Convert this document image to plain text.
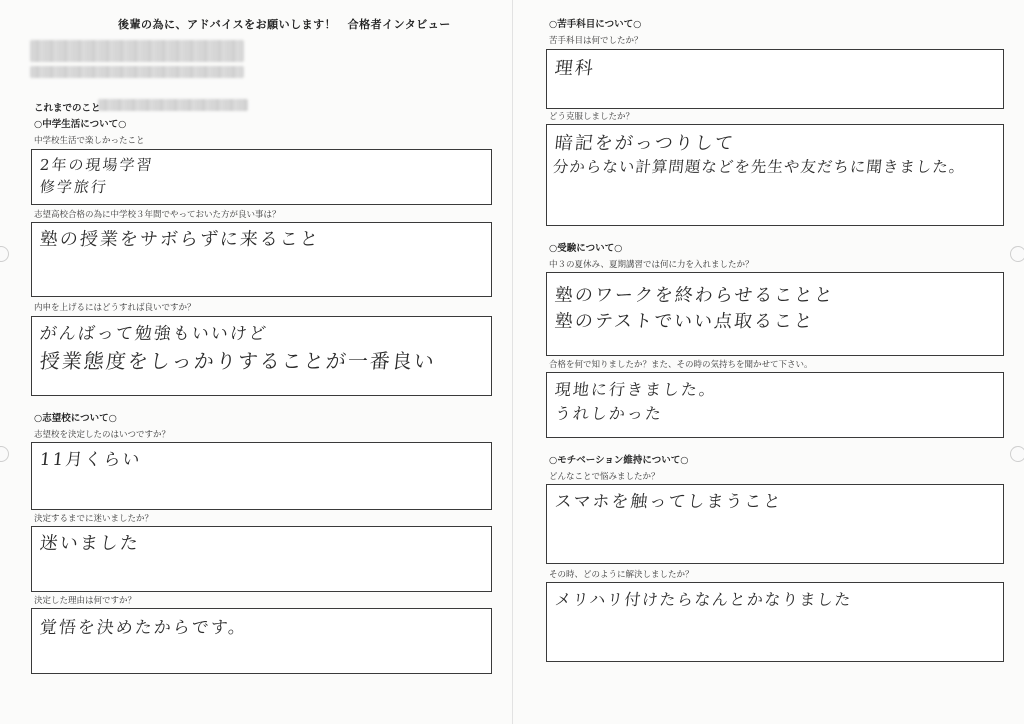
後輩の為に、アドバイスをお願いします！　合格者インタビュー
これまでのこと
○中学生活について○
中学校生活で楽しかったこと
2年の現場学習
修学旅行
志望高校合格の為に中学校３年間でやっておいた方が良い事は？
塾の授業をサボらずに来ること
内申を上げるにはどうすれば良いですか？
がんばって勉強もいいけど
授業態度をしっかりすることが一番良い
○志望校について○
志望校を決定したのはいつですか？
11月くらい
決定するまでに迷いましたか？
迷いました
決定した理由は何ですか？
覚悟を決めたからです。
○苦手科目について○
苦手科目は何でしたか？
理科
どう克服しましたか？
暗記をがっつりして
分からない計算問題などを先生や友だちに聞きました。
○受験について○
中３の夏休み、夏期講習では何に力を入れましたか？
塾のワークを終わらせることと
塾のテストでいい点取ること
合格を何で知りましたか？また、その時の気持ちを聞かせて下さい。
現地に行きました。
うれしかった
○モチベーション維持について○
どんなことで悩みましたか？
スマホを触ってしまうこと
その時、どのように解決しましたか？
メリハリ付けたらなんとかなりました
